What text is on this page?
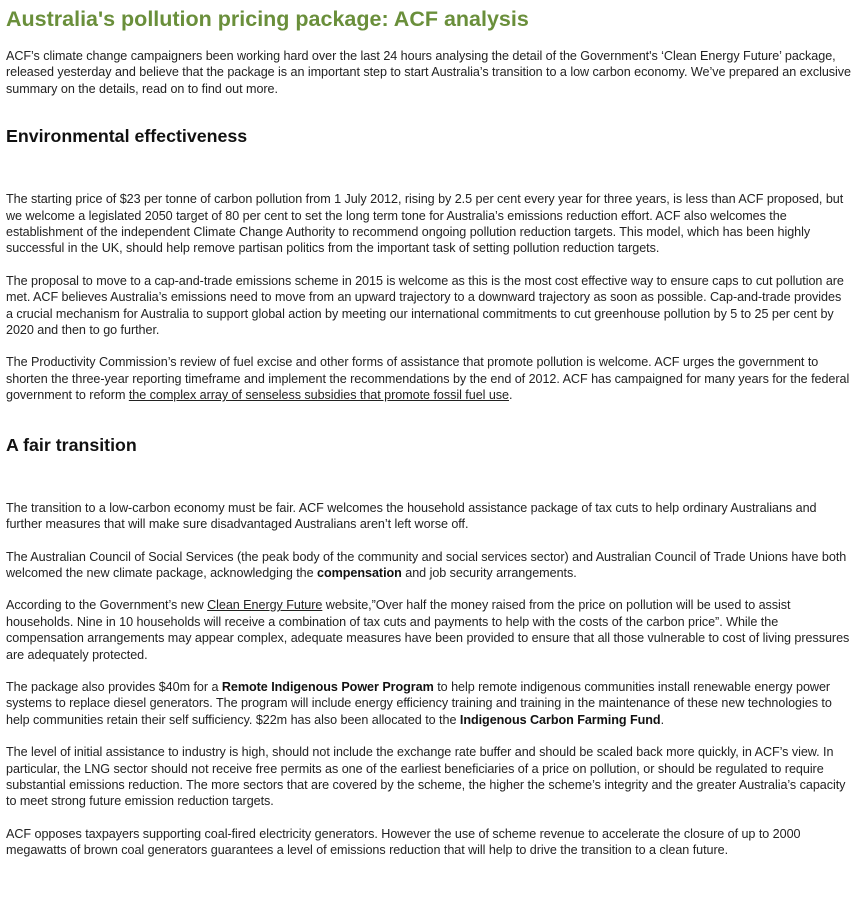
Australia's pollution pricing package: ACF analysis

ACF’s climate change campaigners been working hard over the last 24 hours analysing the detail of the Government's ‘Clean Energy Future’ package, released yesterday and believe that the package is an important step to start Australia’s transition to a low carbon economy. We’ve prepared an exclusive summary on the details, read on to find out more.

Environmental effectiveness

The starting price of $23 per tonne of carbon pollution from 1 July 2012, rising by 2.5 per cent every year for three years, is less than ACF proposed, but we welcome a legislated 2050 target of 80 per cent to set the long term tone for Australia’s emissions reduction effort. ACF also welcomes the establishment of the independent Climate Change Authority to recommend ongoing pollution reduction targets. This model, which has been highly successful in the UK, should help remove partisan politics from the important task of setting pollution reduction targets.

The proposal to move to a cap-and-trade emissions scheme in 2015 is welcome as this is the most cost effective way to ensure caps to cut pollution are met. ACF believes Australia’s emissions need to move from an upward trajectory to a downward trajectory as soon as possible. Cap-and-trade provides a crucial mechanism for Australia to support global action by meeting our international commitments to cut greenhouse pollution by 5 to 25 per cent by 2020 and then to go further.

The Productivity Commission’s review of fuel excise and other forms of assistance that promote pollution is welcome. ACF urges the government to shorten the three-year reporting timeframe and implement the recommendations by the end of 2012. ACF has campaigned for many years for the federal government to reform the complex array of senseless subsidies that promote fossil fuel use.

A fair transition

The transition to a low-carbon economy must be fair. ACF welcomes the household assistance package of tax cuts to help ordinary Australians and further measures that will make sure disadvantaged Australians aren’t left worse off.

The Australian Council of Social Services (the peak body of the community and social services sector) and Australian Council of Trade Unions have both welcomed the new climate package, acknowledging the compensation and job security arrangements.

According to the Government’s new Clean Energy Future website,”Over half the money raised from the price on pollution will be used to assist households. Nine in 10 households will receive a combination of tax cuts and payments to help with the costs of the carbon price”. While the compensation arrangements may appear complex, adequate measures have been provided to ensure that all those vulnerable to cost of living pressures are adequately protected.

The package also provides $40m for a Remote Indigenous Power Program to help remote indigenous communities install renewable energy power systems to replace diesel generators. The program will include energy efficiency training and training in the maintenance of these new technologies to help communities retain their self sufficiency. $22m has also been allocated to the Indigenous Carbon Farming Fund.

The level of initial assistance to industry is high, should not include the exchange rate buffer and should be scaled back more quickly, in ACF’s view. In particular, the LNG sector should not receive free permits as one of the earliest beneficiaries of a price on pollution, or should be regulated to require substantial emissions reduction. The more sectors that are covered by the scheme, the higher the scheme’s integrity and the greater Australia’s capacity to meet strong future emission reduction targets.

ACF opposes taxpayers supporting coal-fired electricity generators. However the use of scheme revenue to accelerate the closure of up to 2000 megawatts of brown coal generators guarantees a level of emissions reduction that will help to drive the transition to a clean future.
